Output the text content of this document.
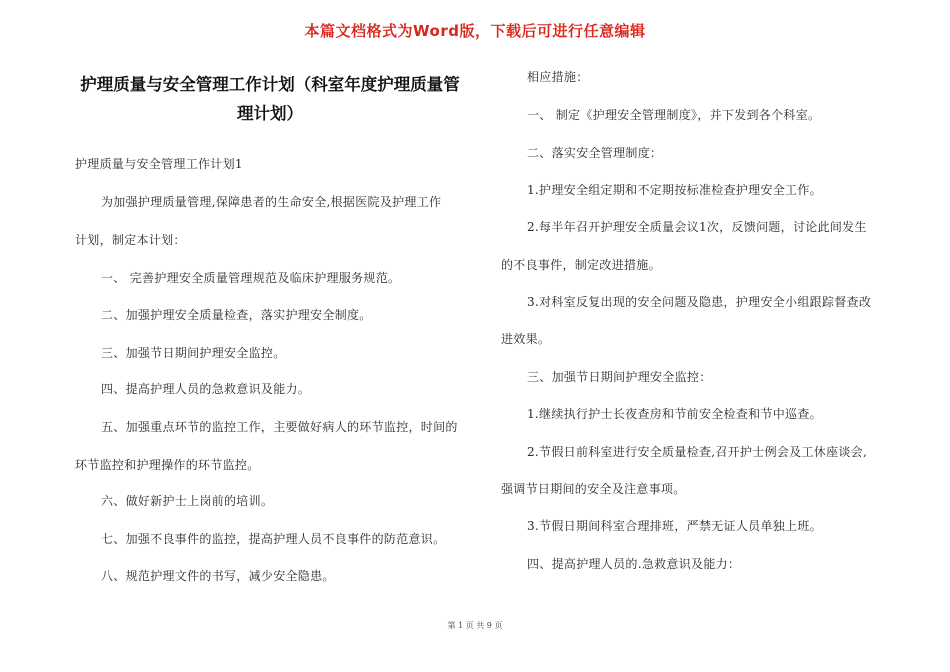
本篇文档格式为Word版，下载后可进行任意编辑
护理质量与安全管理工作计划（科室年度护理质量管
理计划）
护理质量与安全管理工作计划1
为加强护理质量管理,保障患者的生命安全,根据医院及护理工作
计划，制定本计划：
一、 完善护理安全质量管理规范及临床护理服务规范。
二、加强护理安全质量检查，落实护理安全制度。
三、加强节日期间护理安全监控。
四、提高护理人员的急救意识及能力。
五、加强重点环节的监控工作，主要做好病人的环节监控，时间的
环节监控和护理操作的环节监控。
六、做好新护士上岗前的培训。
七、加强不良事件的监控，提高护理人员不良事件的防范意识。
八、规范护理文件的书写，减少安全隐患。
相应措施：
一、 制定《护理安全管理制度》，并下发到各个科室。
二、落实安全管理制度：
1.护理安全组定期和不定期按标准检查护理安全工作。
2.每半年召开护理安全质量会议1次，反馈问题，讨论此间发生
的不良事件，制定改进措施。
3.对科室反复出现的安全问题及隐患，护理安全小组跟踪督查改
进效果。
三、加强节日期间护理安全监控：
1.继续执行护士长夜查房和节前安全检查和节中巡查。
2.节假日前科室进行安全质量检查,召开护士例会及工休座谈会,
强调节日期间的安全及注意事项。
3.节假日期间科室合理排班，严禁无证人员单独上班。
四、提高护理人员的.急救意识及能力：
第 1 页 共 9 页
